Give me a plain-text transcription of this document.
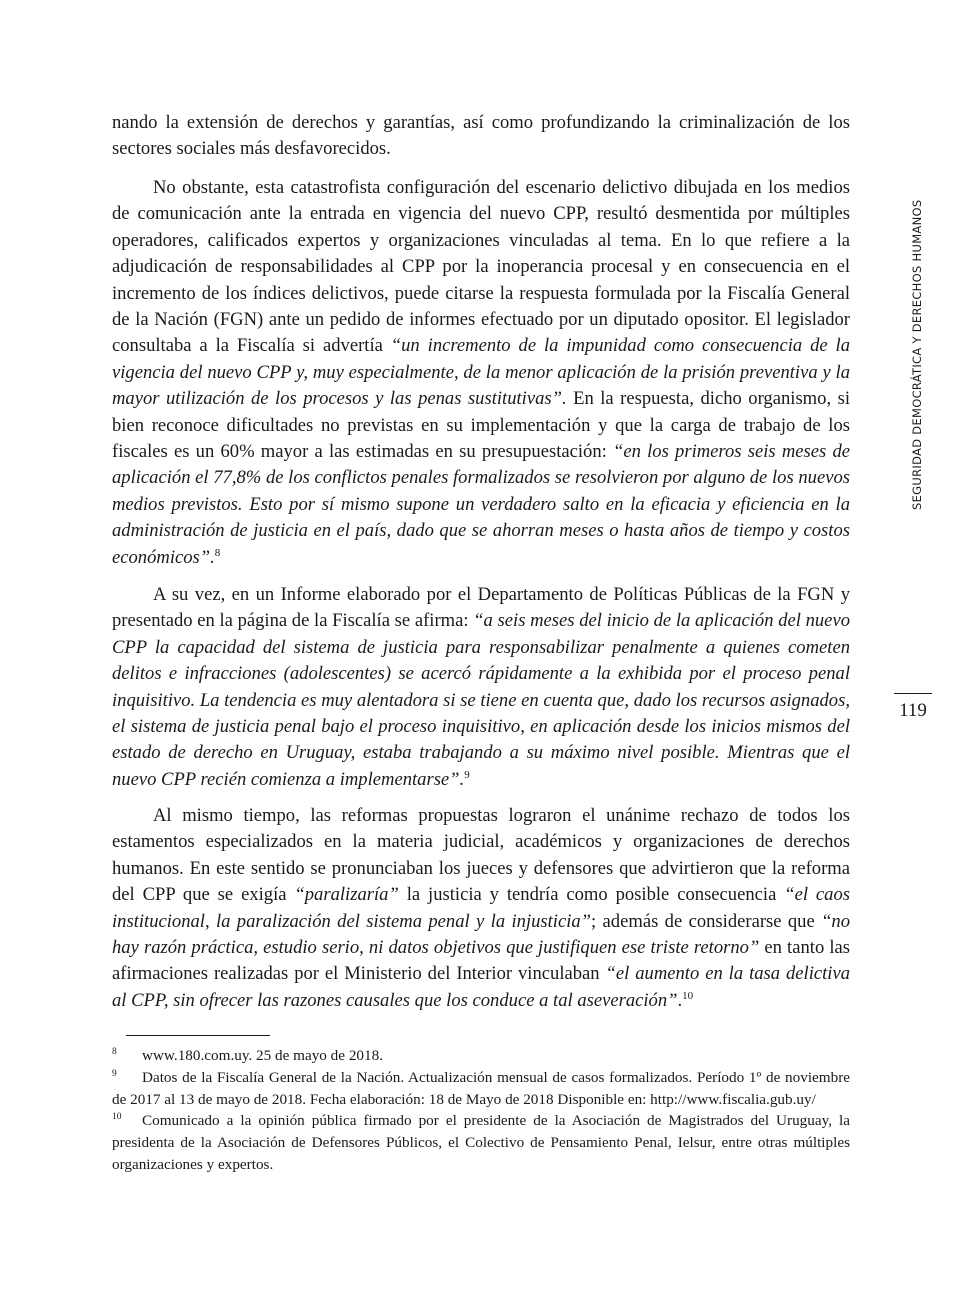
SEGURIDAD DEMOCRÁTICA Y DERECHOS HUMANOS
119

nando la extensión de derechos y garantías, así como profundizando la criminalización de los sectores sociales más desfavorecidos.

No obstante, esta catastrofista configuración del escenario delictivo dibujada en los medios de comunicación ante la entrada en vigencia del nuevo CPP, resultó desmentida por múltiples operadores, calificados expertos y organizaciones vinculadas al tema. En lo que refiere a la adjudicación de responsabilidades al CPP por la inoperancia procesal y en consecuencia en el incremento de los índices delictivos, puede citarse la respuesta formulada por la Fiscalía General de la Nación (FGN) ante un pedido de informes efectuado por un diputado opositor. El legislador consultaba a la Fiscalía si advertía “un incremento de la impunidad como consecuencia de la vigencia del nuevo CPP y, muy especialmente, de la menor aplicación de la prisión preventiva y la mayor utilización de los procesos y las penas sustitutivas”. En la respuesta, dicho organismo, si bien reconoce dificultades no previstas en su implementación y que la carga de trabajo de los fiscales es un 60% mayor a las estimadas en su presupuestación: “en los primeros seis meses de aplicación el 77,8% de los conflictos penales formalizados se resolvieron por alguno de los nuevos medios previstos. Esto por sí mismo supone un verdadero salto en la eficacia y eficiencia en la administración de justicia en el país, dado que se ahorran meses o hasta años de tiempo y costos económicos”.$^8$

A su vez, en un Informe elaborado por el Departamento de Políticas Públicas de la FGN y presentado en la página de la Fiscalía se afirma: “a seis meses del inicio de la aplicación del nuevo CPP la capacidad del sistema de justicia para responsabilizar penalmente a quienes cometen delitos e infracciones (adolescentes) se acercó rápidamente a la exhibida por el proceso penal inquisitivo. La tendencia es muy alentadora si se tiene en cuenta que, dado los recursos asignados, el sistema de justicia penal bajo el proceso inquisitivo, en aplicación desde los inicios mismos del estado de derecho en Uruguay, estaba trabajando a su máximo nivel posible. Mientras que el nuevo CPP recién comienza a implementarse”.$^9$

Al mismo tiempo, las reformas propuestas lograron el unánime rechazo de todos los estamentos especializados en la materia judicial, académicos y organizaciones de derechos humanos. En este sentido se pronunciaban los jueces y defensores que advirtieron que la reforma del CPP que se exigía “paralizaría” la justicia y tendría como posible consecuencia “el caos institucional, la paralización del sistema penal y la injusticia”; además de considerarse que “no hay razón práctica, estudio serio, ni datos objetivos que justifiquen ese triste retorno” en tanto las afirmaciones realizadas por el Ministerio del Interior vinculaban “el aumento en la tasa delictiva al CPP, sin ofrecer las razones causales que los conduce a tal aseveración”.$^{10}$

8 www.180.com.uy. 25 de mayo de 2018.

9 Datos de la Fiscalía General de la Nación. Actualización mensual de casos formalizados. Período 1º de noviembre de 2017 al 13 de mayo de 2018. Fecha elaboración: 18 de Mayo de 2018 Disponible en: http://www.fiscalia.gub.uy/

10 Comunicado a la opinión pública firmado por el presidente de la Asociación de Magistrados del Uruguay, la presidenta de la Asociación de Defensores Públicos, el Colectivo de Pensamiento Penal, Ielsur, entre otras múltiples organizaciones y expertos.
